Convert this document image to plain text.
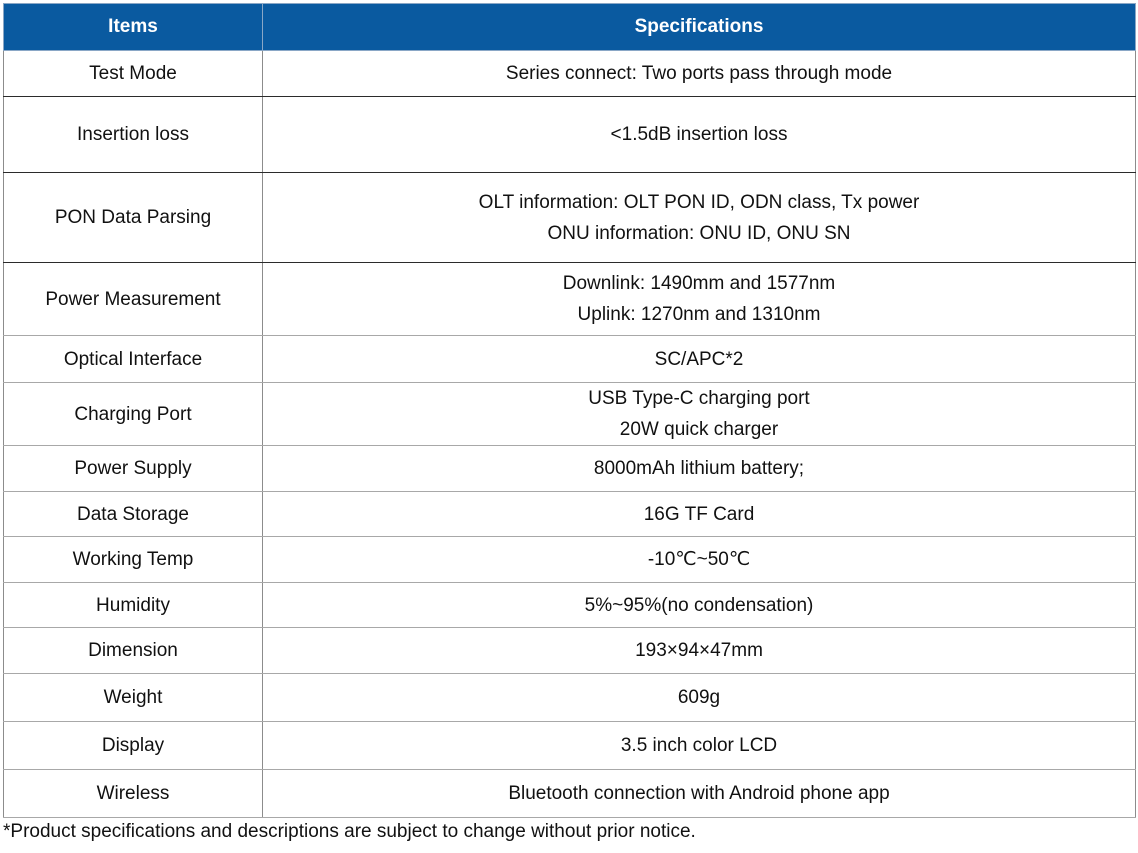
Items	Specifications
Test Mode	Series connect: Two ports pass through mode

Insertion loss	<1.5dB insertion loss

PON Data Parsing	OLT information: OLT PON ID, ODN class, Tx power
ONU information: ONU ID, ONU SN

Power Measurement	Downlink: 1490mm and 1577nm
Uplink: 1270nm and 1310nm

Optical Interface	SC/APC*2

Charging Port	USB Type-C charging port
20W quick charger

Power Supply	8000mAh lithium battery;

Data Storage	16G TF Card

Working Temp	-10℃~50℃

Humidity	5%~95%(no condensation)

Dimension	193×94×47mm

Weight	609g

Display	3.5 inch color LCD

Wireless	Bluetooth connection with Android phone app
*Product specifications and descriptions are subject to change without prior notice.
